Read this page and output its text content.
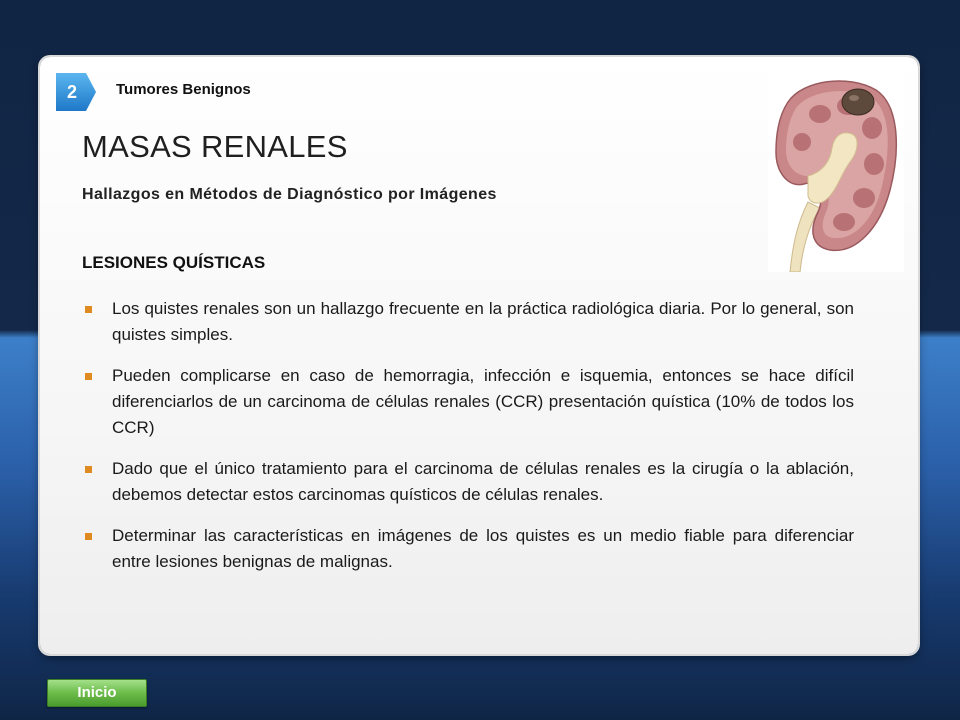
2	Tumores Benignos
MASAS RENALES
Hallazgos en Métodos de Diagnóstico por Imágenes
LESIONES QUÍSTICAS
Los quistes renales son un hallazgo frecuente en la práctica radiológica diaria. Por lo general, son quistes simples.
Pueden complicarse en caso de hemorragia, infección e isquemia, entonces se hace difícil diferenciarlos de un carcinoma de células renales (CCR) presentación quística (10% de todos los CCR)
Dado que el único tratamiento para el carcinoma de células renales es la cirugía o la ablación, debemos detectar estos carcinomas quísticos de células renales.
Determinar las características en imágenes de los quistes es un medio fiable para diferenciar entre lesiones benignas de malignas.
Inicio
